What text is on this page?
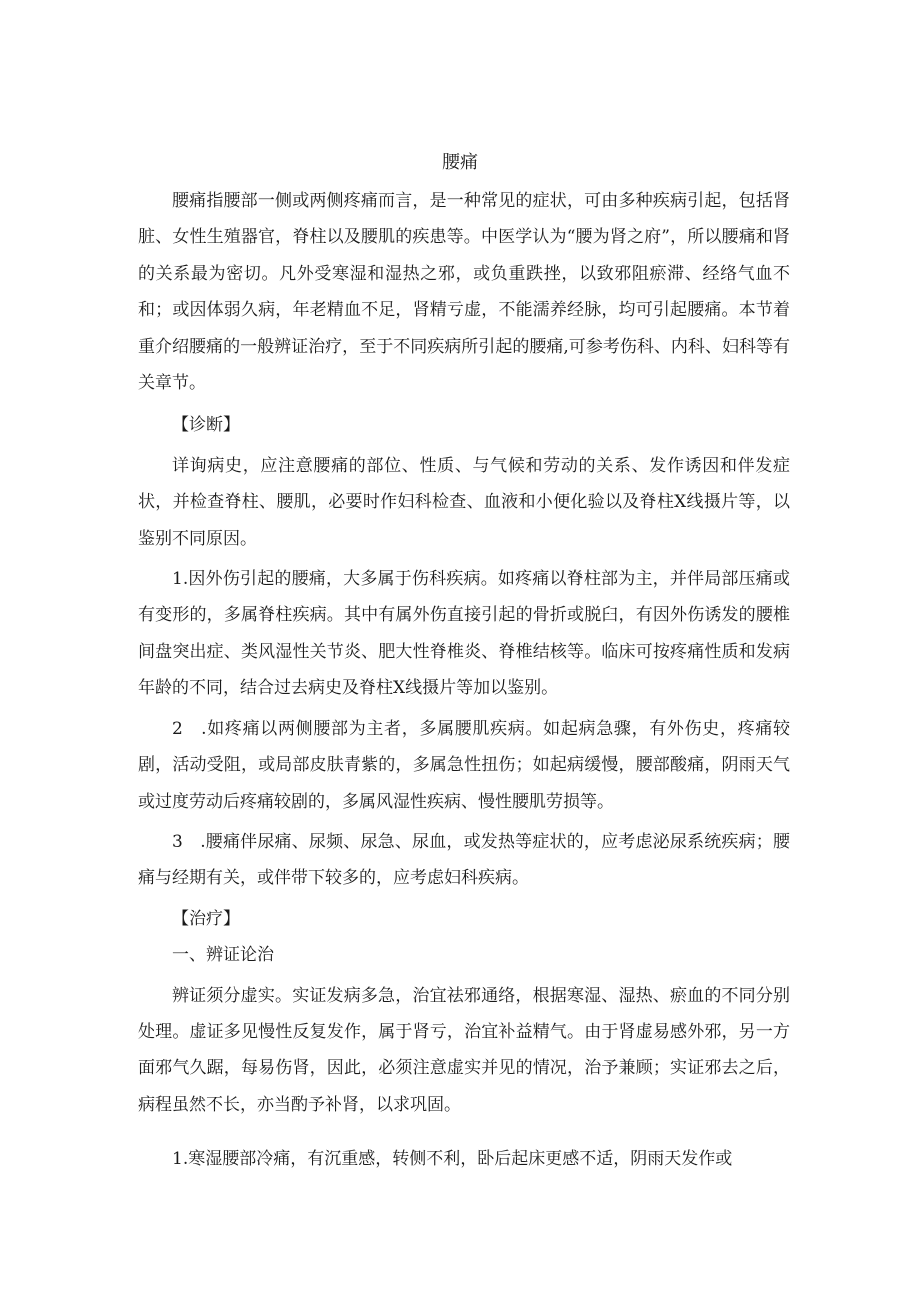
腰痛

腰痛指腰部一侧或两侧疼痛而言，是一种常见的症状，可由多种疾病引起，包括肾脏、女性生殖器官，脊柱以及腰肌的疾患等。中医学认为“腰为肾之府”，所以腰痛和肾的关系最为密切。凡外受寒湿和湿热之邪，或负重跌挫，以致邪阻瘀滞、经络气血不和；或因体弱久病，年老精血不足，肾精亏虚，不能濡养经脉，均可引起腰痛。本节着重介绍腰痛的一般辨证治疗，至于不同疾病所引起的腰痛,可参考伤科、内科、妇科等有关章节。

【诊断】

详询病史，应注意腰痛的部位、性质、与气候和劳动的关系、发作诱因和伴发症状，并检查脊柱、腰肌，必要时作妇科检查、血液和小便化验以及脊柱X线摄片等，以鉴别不同原因。

1.因外伤引起的腰痛，大多属于伤科疾病。如疼痛以脊柱部为主，并伴局部压痛或有变形的，多属脊柱疾病。其中有属外伤直接引起的骨折或脱臼，有因外伤诱发的腰椎间盘突出症、类风湿性关节炎、肥大性脊椎炎、脊椎结核等。临床可按疼痛性质和发病年龄的不同，结合过去病史及脊柱X线摄片等加以鉴别。

2　.如疼痛以两侧腰部为主者，多属腰肌疾病。如起病急骤，有外伤史，疼痛较剧，活动受阻，或局部皮肤青紫的，多属急性扭伤；如起病缓慢，腰部酸痛，阴雨天气或过度劳动后疼痛较剧的，多属风湿性疾病、慢性腰肌劳损等。

3　.腰痛伴尿痛、尿频、尿急、尿血，或发热等症状的，应考虑泌尿系统疾病；腰痛与经期有关，或伴带下较多的，应考虑妇科疾病。

【治疗】

一、辨证论治

辨证须分虚实。实证发病多急，治宜祛邪通络，根据寒湿、湿热、瘀血的不同分别处理。虚证多见慢性反复发作，属于肾亏，治宜补益精气。由于肾虚易感外邪，另一方面邪气久踞，每易伤肾，因此，必须注意虚实并见的情况，治予兼顾；实证邪去之后，病程虽然不长，亦当酌予补肾，以求巩固。

1.寒湿腰部冷痛，有沉重感，转侧不利，卧后起床更感不适，阴雨天发作或
